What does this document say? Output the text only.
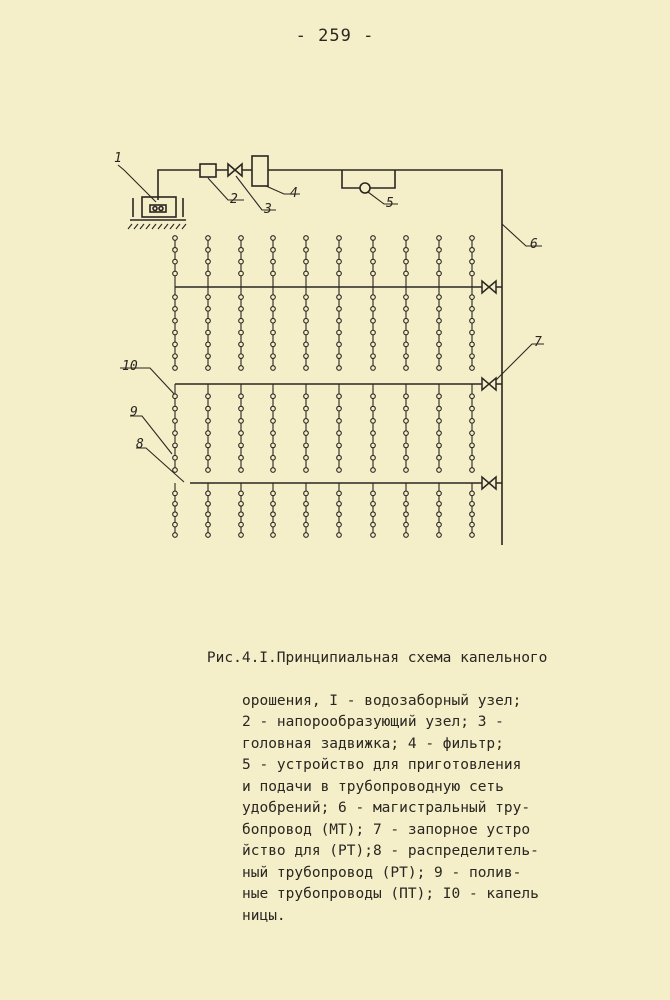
- 259 -
1
2
3
4
5
6
7
8
9
10

Рис.4.I.Принципиальная схема капельного

орошения, I - водозаборный узел;
2 - напорообразующий узел; 3 -
головная задвижка; 4 - фильтр;
5 - устройство для приготовления
и подачи в трубопроводную сеть
удобрений; 6 - магистральный тру-
бопровод (МТ); 7 - запорное устро
йство для (РТ);8 - распределитель-
ный трубопровод (РТ); 9 - полив-
ные трубопроводы (ПТ); I0 - капель
ницы.
